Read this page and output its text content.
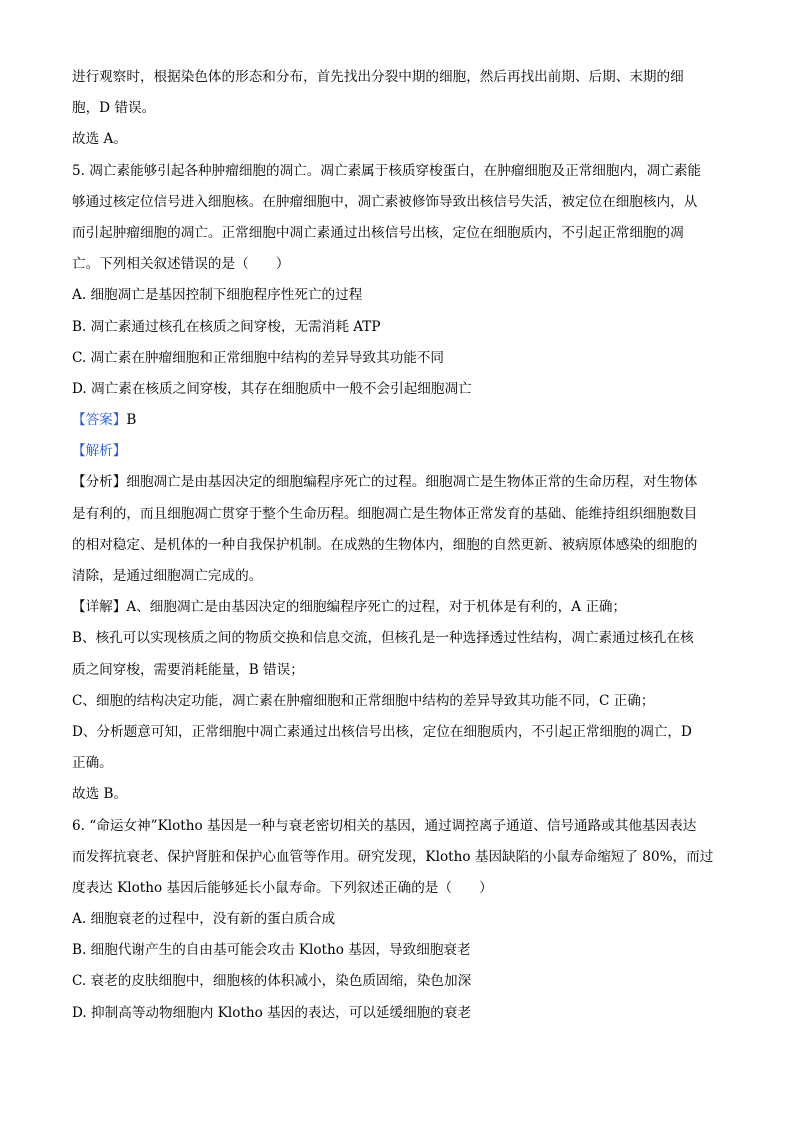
进行观察时，根据染色体的形态和分布，首先找出分裂中期的细胞，然后再找出前期、后期、末期的细
胞，D 错误。
故选 A。
5. 凋亡素能够引起各种肿瘤细胞的凋亡。凋亡素属于核质穿梭蛋白，在肿瘤细胞及正常细胞内，凋亡素能
够通过核定位信号进入细胞核。在肿瘤细胞中，凋亡素被修饰导致出核信号失活，被定位在细胞核内，从
而引起肿瘤细胞的凋亡。正常细胞中凋亡素通过出核信号出核，定位在细胞质内，不引起正常细胞的凋
亡。下列相关叙述错误的是（　　）
A. 细胞凋亡是基因控制下细胞程序性死亡的过程
B. 凋亡素通过核孔在核质之间穿梭，无需消耗 ATP
C. 凋亡素在肿瘤细胞和正常细胞中结构的差异导致其功能不同
D. 凋亡素在核质之间穿梭，其存在细胞质中一般不会引起细胞凋亡
【答案】B
【解析】
【分析】细胞凋亡是由基因决定的细胞编程序死亡的过程。细胞凋亡是生物体正常的生命历程，对生物体
是有利的，而且细胞凋亡贯穿于整个生命历程。细胞凋亡是生物体正常发育的基础、能维持组织细胞数目
的相对稳定、是机体的一种自我保护机制。在成熟的生物体内，细胞的自然更新、被病原体感染的细胞的
清除，是通过细胞凋亡完成的。
【详解】A、细胞凋亡是由基因决定的细胞编程序死亡的过程，对于机体是有利的，A 正确；
B、核孔可以实现核质之间的物质交换和信息交流，但核孔是一种选择透过性结构，凋亡素通过核孔在核
质之间穿梭，需要消耗能量，B 错误；
C、细胞的结构决定功能，凋亡素在肿瘤细胞和正常细胞中结构的差异导致其功能不同，C 正确；
D、分析题意可知，正常细胞中凋亡素通过出核信号出核，定位在细胞质内，不引起正常细胞的凋亡，D
正确。
故选 B。
6. “命运女神”Klotho 基因是一种与衰老密切相关的基因，通过调控离子通道、信号通路或其他基因表达
而发挥抗衰老、保护肾脏和保护心血管等作用。研究发现，Klotho 基因缺陷的小鼠寿命缩短了 80%，而过
度表达 Klotho 基因后能够延长小鼠寿命。下列叙述正确的是（　　）
A. 细胞衰老的过程中，没有新的蛋白质合成
B. 细胞代谢产生的自由基可能会攻击 Klotho 基因，导致细胞衰老
C. 衰老的皮肤细胞中，细胞核的体积减小，染色质固缩，染色加深
D. 抑制高等动物细胞内 Klotho 基因的表达，可以延缓细胞的衰老
